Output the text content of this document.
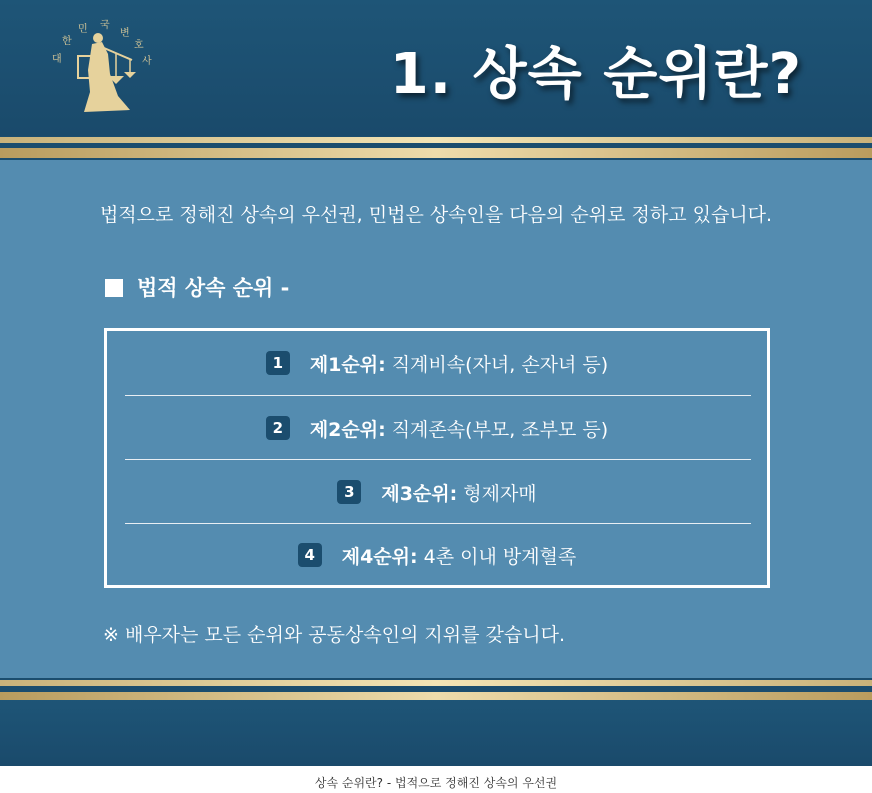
대
한
민 국
변
호
사	1. 상속 순위란?
법적으로 정해진 상속의 우선권, 민법은 상속인을 다음의 순위로 정하고 있습니다.
법적 상속 순위 -
1	제1순위: 직계비속(자녀, 손자녀 등)
2	제2순위: 직계존속(부모, 조부모 등)
3	제3순위: 형제자매
4	제4순위: 4촌 이내 방계혈족
※ 배우자는 모든 순위와 공동상속인의 지위를 갖습니다.
상속 순위란? - 법적으로 정해진 상속의 우선권
